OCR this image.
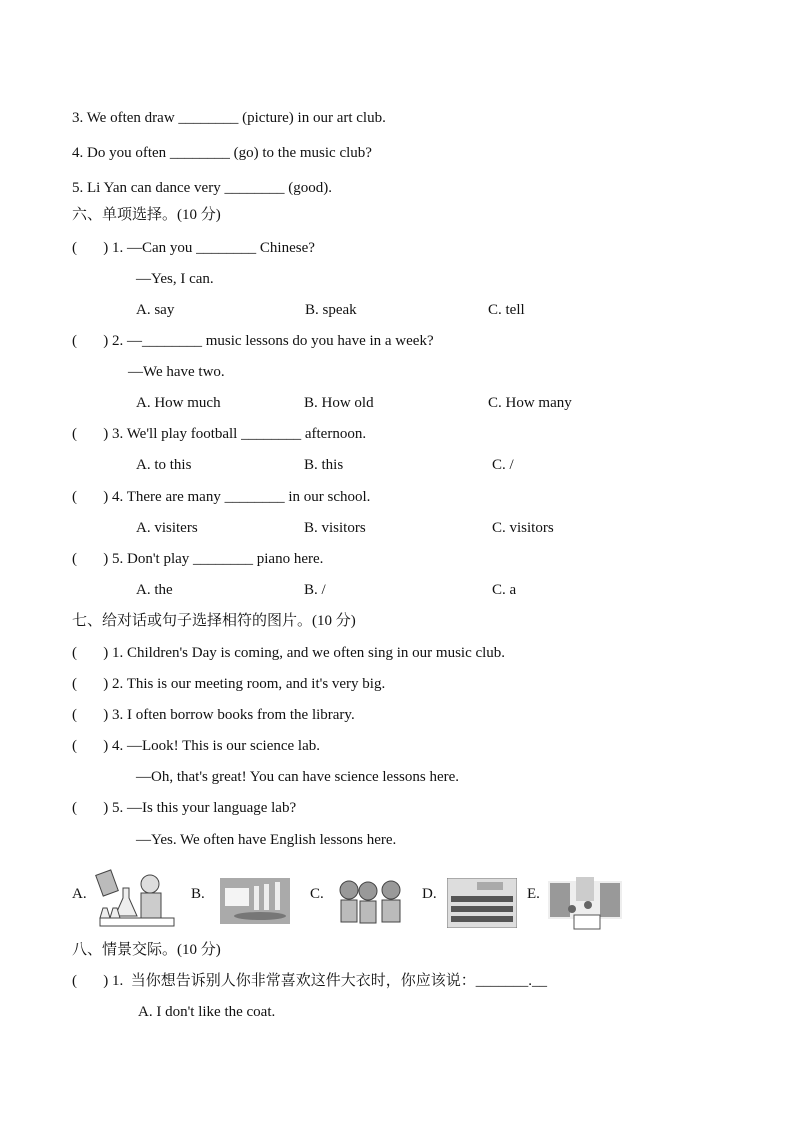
3. We often draw ________ (picture) in our art club.
4. Do you often ________ (go) to the music club?
5. Li Yan can dance very ________ (good).
六、单项选择。(10 分)
(       ) 1. —Can you ________ Chinese?
—Yes, I can.
A. say	B. speak	C. tell
(       ) 2. —________ music lessons do you have in a week?
—We have two.
A. How much	B. How old	C. How many
(       ) 3. We'll play football ________ afternoon.
A. to this	B. this	C. /
(       ) 4. There are many ________ in our school.
A. visiters	B. visitors	C. visitors
(       ) 5. Don't play ________ piano here.
A. the	B. /	C. a
七、给对话或句子选择相符的图片。(10 分)
(       ) 1. Children's Day is coming, and we often sing in our music club.
(       ) 2. This is our meeting room, and it's very big.
(       ) 3. I often borrow books from the library.
(       ) 4. —Look! This is our science lab.
—Oh, that's great! You can have science lessons here.
(       ) 5. —Is this your language lab?
—Yes. We often have English lessons here.
A.	B.	C.	D.	E.
八、情景交际。(10 分)
(       ) 1.  当你想告诉别人你非常喜欢这件大衣时，你应该说：_______.__
A. I don't like the coat.
